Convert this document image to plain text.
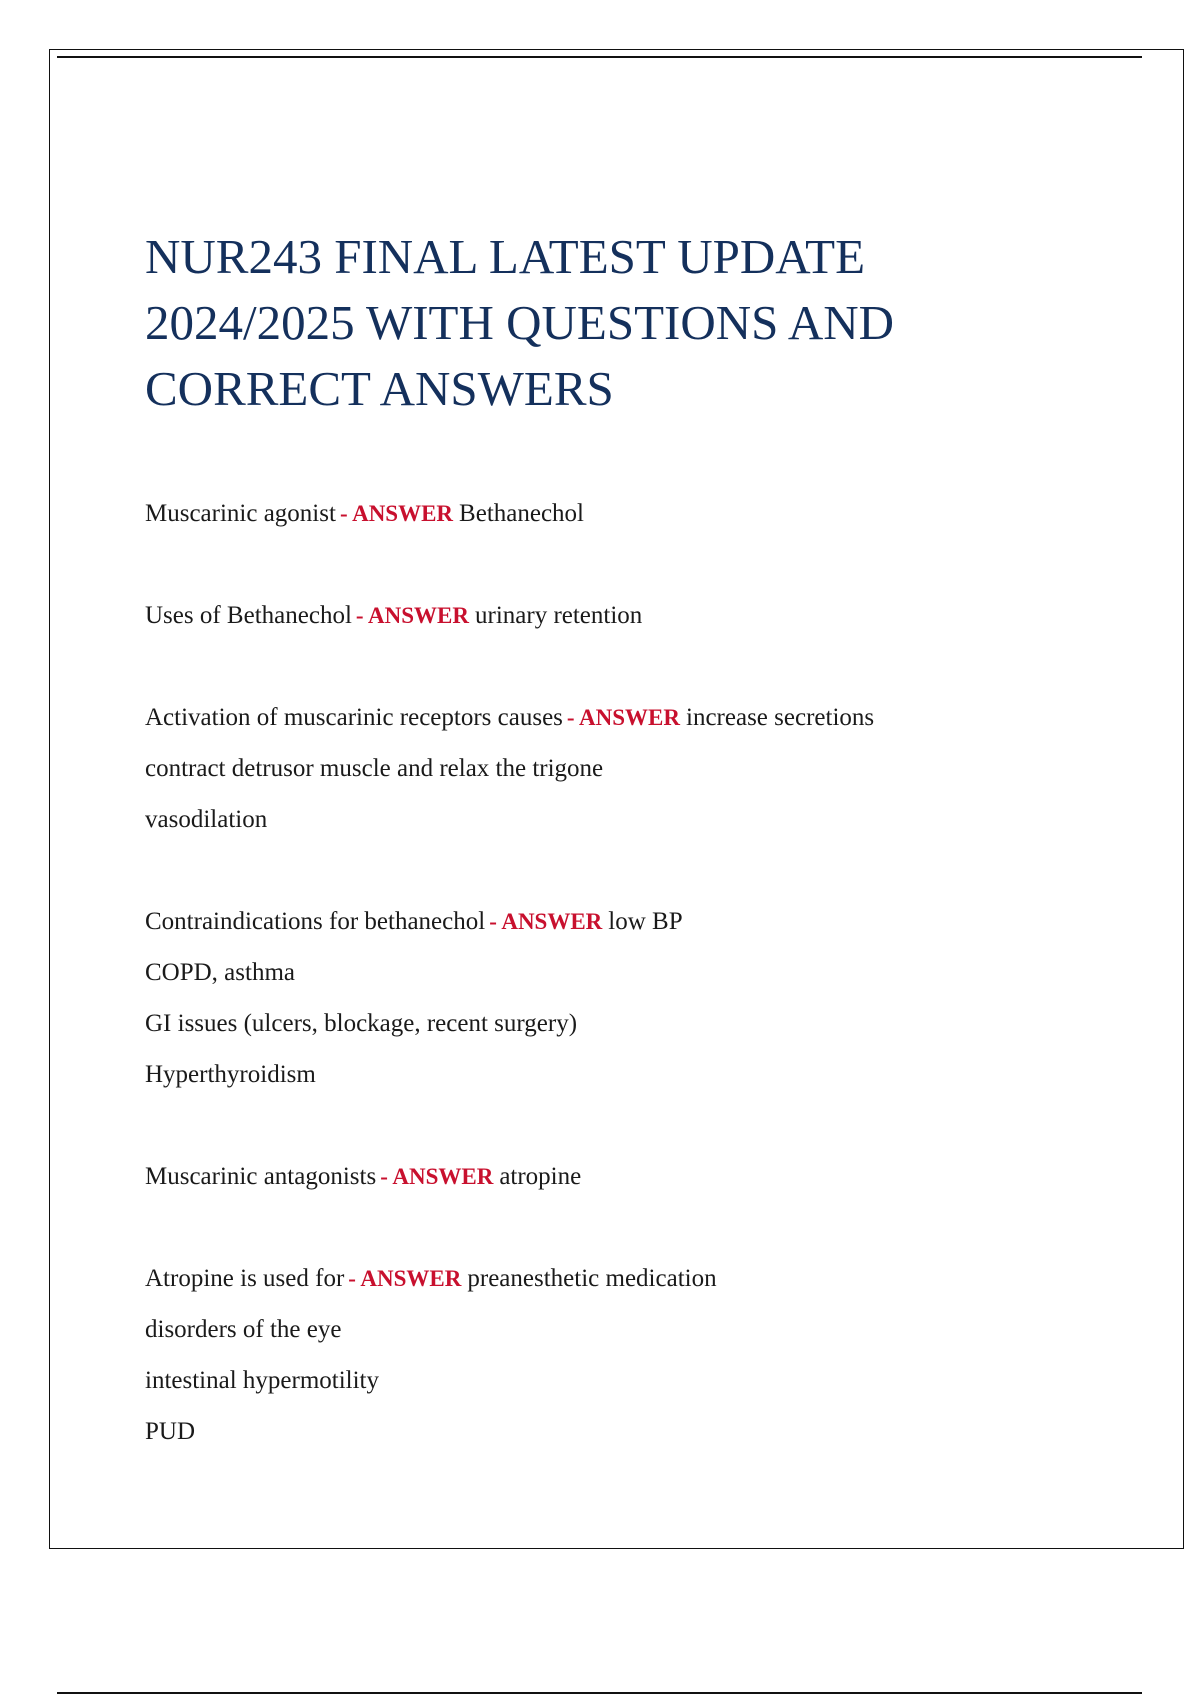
NUR243 FINAL LATEST UPDATE 2024/2025 WITH QUESTIONS AND CORRECT ANSWERS
Muscarinic agonist - ANSWER Bethanechol
Uses of Bethanechol - ANSWER urinary retention
Activation of muscarinic receptors causes - ANSWER increase secretions
contract detrusor muscle and relax the trigone
vasodilation
Contraindications for bethanechol - ANSWER low BP
COPD, asthma
GI issues (ulcers, blockage, recent surgery)
Hyperthyroidism
Muscarinic antagonists - ANSWER atropine
Atropine is used for - ANSWER preanesthetic medication
disorders of the eye
intestinal hypermotility
PUD
